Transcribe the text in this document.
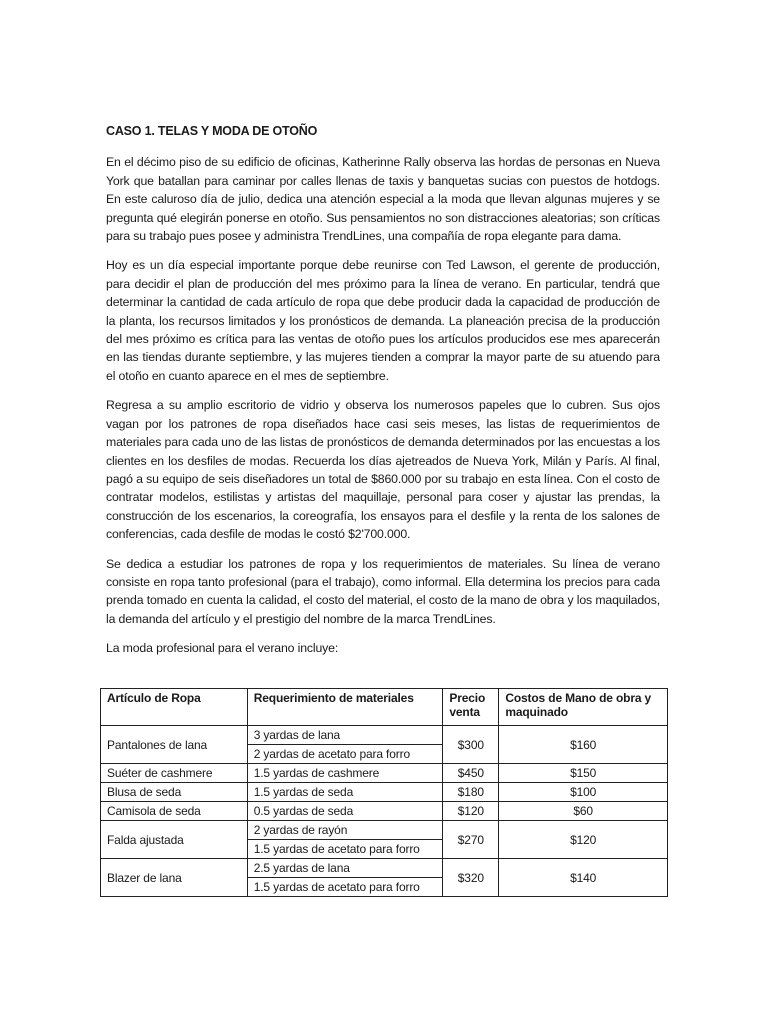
CASO 1. TELAS Y MODA DE OTOÑO

En el décimo piso de su edificio de oficinas, Katherinne Rally observa las hordas de personas en Nueva York que batallan para caminar por calles llenas de taxis y banquetas sucias con puestos de hotdogs. En este caluroso día de julio, dedica una atención especial a la moda que llevan algunas mujeres y se pregunta qué elegirán ponerse en otoño. Sus pensamientos no son distracciones aleatorias; son críticas para su trabajo pues posee y administra TrendLines, una compañía de ropa elegante para dama.

Hoy es un día especial importante porque debe reunirse con Ted Lawson, el gerente de producción, para decidir el plan de producción del mes próximo para la línea de verano. En particular, tendrá que determinar la cantidad de cada artículo de ropa que debe producir dada la capacidad de producción de la planta, los recursos limitados y los pronósticos de demanda. La planeación precisa de la producción del mes próximo es crítica para las ventas de otoño pues los artículos producidos ese mes aparecerán en las tiendas durante septiembre, y las mujeres tienden a comprar la mayor parte de su atuendo para el otoño en cuanto aparece en el mes de septiembre.

Regresa a su amplio escritorio de vidrio y observa los numerosos papeles que lo cubren. Sus ojos vagan por los patrones de ropa diseñados hace casi seis meses, las listas de requerimientos de materiales para cada uno de las listas de pronósticos de demanda determinados por las encuestas a los clientes en los desfiles de modas. Recuerda los días ajetreados de Nueva York, Milán y París. Al final, pagó a su equipo de seis diseñadores un total de $860.000 por su trabajo en esta línea. Con el costo de contratar modelos, estilistas y artistas del maquillaje, personal para coser y ajustar las prendas, la construcción de los escenarios, la coreografía, los ensayos para el desfile y la renta de los salones de conferencias, cada desfile de modas le costó $2'700.000.

Se dedica a estudiar los patrones de ropa y los requerimientos de materiales. Su línea de verano consiste en ropa tanto profesional (para el trabajo), como informal. Ella determina los precios para cada prenda tomado en cuenta la calidad, el costo del material, el costo de la mano de obra y los maquilados, la demanda del artículo y el prestigio del nombre de la marca TrendLines.

La moda profesional para el verano incluye:

Artículo de Ropa	Requerimiento de materiales	Precio venta	Costos de Mano de obra y maquinado
Pantalones de lana	3 yardas de lana	$300	$160
	2 yardas de acetato para forro		
Suéter de cashmere	1.5 yardas de cashmere	$450	$150
Blusa de seda	1.5 yardas de seda	$180	$100
Camisola de seda	0.5 yardas de seda	$120	$60
Falda ajustada	2 yardas de rayón	$270	$120
	1.5 yardas de acetato para forro		
Blazer de lana	2.5 yardas de lana	$320	$140
	1.5 yardas de acetato para forro		
